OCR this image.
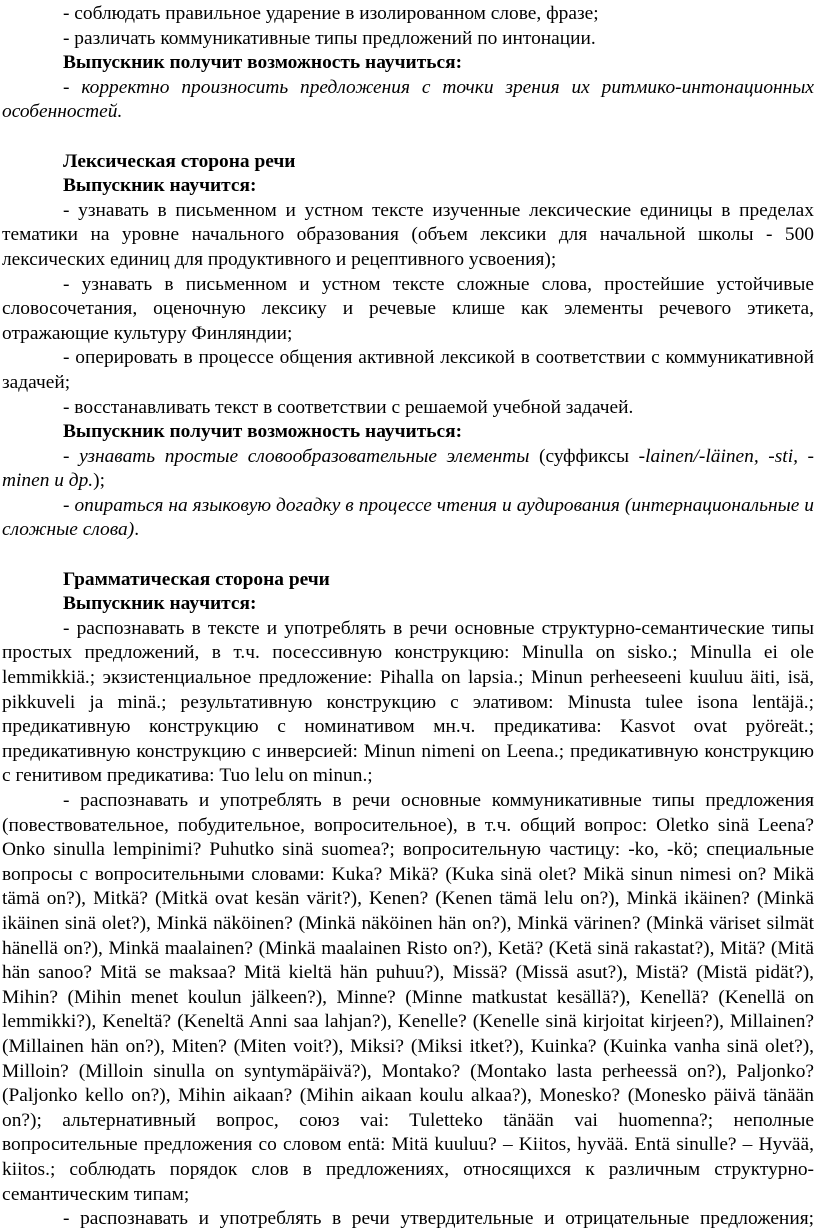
- соблюдать правильное ударение в изолированном слове, фразе;

- различать коммуникативные типы предложений по интонации.

Выпускник получит возможность научиться:

- корректно произносить предложения с точки зрения их ритмико-интонационных особенностей.

Лексическая сторона речи

Выпускник научится:

- узнавать в письменном и устном тексте изученные лексические единицы в пределах тематики на уровне начального образования (объем лексики для начальной школы - 500 лексических единиц для продуктивного и рецептивного усвоения);

- узнавать в письменном и устном тексте сложные слова, простейшие устойчивые словосочетания, оценочную лексику и речевые клише как элементы речевого этикета, отражающие культуру Финляндии;

- оперировать в процессе общения активной лексикой в соответствии с коммуникативной задачей;

- восстанавливать текст в соответствии с решаемой учебной задачей.

Выпускник получит возможность научиться:

- узнавать простые словообразовательные элементы (суффиксы -lainen/-läinen, -sti, -minen и др.);

- опираться на языковую догадку в процессе чтения и аудирования (интернациональные и сложные слова).

Грамматическая сторона речи

Выпускник научится:

- распознавать в тексте и употреблять в речи основные структурно-семантические типы простых предложений, в т.ч. посессивную конструкцию: Minulla on sisko.; Minulla ei ole lemmikkiä.; экзистенциальное предложение: Pihalla on lapsia.; Minun perheeseeni kuuluu äiti, isä, pikkuveli ja minä.; результативную конструкцию с элативом: Minusta tulee isona lentäjä.; предикативную конструкцию с номинативом мн.ч. предикатива: Kasvot ovat pyöreät.; предикативную конструкцию с инверсией: Minun nimeni on Leena.; предикативную конструкцию с генитивом предикатива: Tuo lelu on minun.;

- распознавать и употреблять в речи основные коммуникативные типы предложения (повествовательное, побудительное, вопросительное), в т.ч. общий вопрос: Oletko sinä Leena? Onko sinulla lempinimi? Puhutko sinä suomea?; вопросительную частицу: -ko, -kö; специальные вопросы с вопросительными словами: Kuka? Mikä? (Kuka sinä olet? Mikä sinun nimesi on? Mikä tämä on?), Mitkä? (Mitkä ovat kesän värit?), Kenen? (Kenen tämä lelu on?), Minkä ikäinen? (Minkä ikäinen sinä olet?), Minkä näköinen? (Minkä näköinen hän on?), Minkä värinen? (Minkä väriset silmät hänellä on?), Minkä maalainen? (Minkä maalainen Risto on?), Ketä? (Ketä sinä rakastat?), Mitä? (Mitä hän sanoo? Mitä se maksaa? Mitä kieltä hän puhuu?), Missä? (Missä asut?), Mistä? (Mistä pidät?), Mihin? (Mihin menet koulun jälkeen?), Minne? (Minne matkustat kesällä?), Kenellä? (Kenellä on lemmikki?), Keneltä? (Keneltä Anni saa lahjan?), Kenelle? (Kenelle sinä kirjoitat kirjeen?), Millainen? (Millainen hän on?), Miten? (Miten voit?), Miksi? (Miksi itket?), Kuinka? (Kuinka vanha sinä olet?), Milloin? (Milloin sinulla on syntymäpäivä?), Montako? (Montako lasta perheessä on?), Paljonko? (Paljonko kello on?), Mihin aikaan? (Mihin aikaan koulu alkaa?), Monesko? (Monesko päivä tänään on?); альтернативный вопрос, союз vai: Tuletteko tänään vai huomenna?; неполные вопросительные предложения со словом entä: Mitä kuuluu? – Kiitos, hyvää. Entä sinulle? – Hyvää, kiitos.; соблюдать порядок слов в предложениях, относящихся к различным структурно-семантическим типам;

- распознавать и употреблять в речи утвердительные и отрицательные предложения;
